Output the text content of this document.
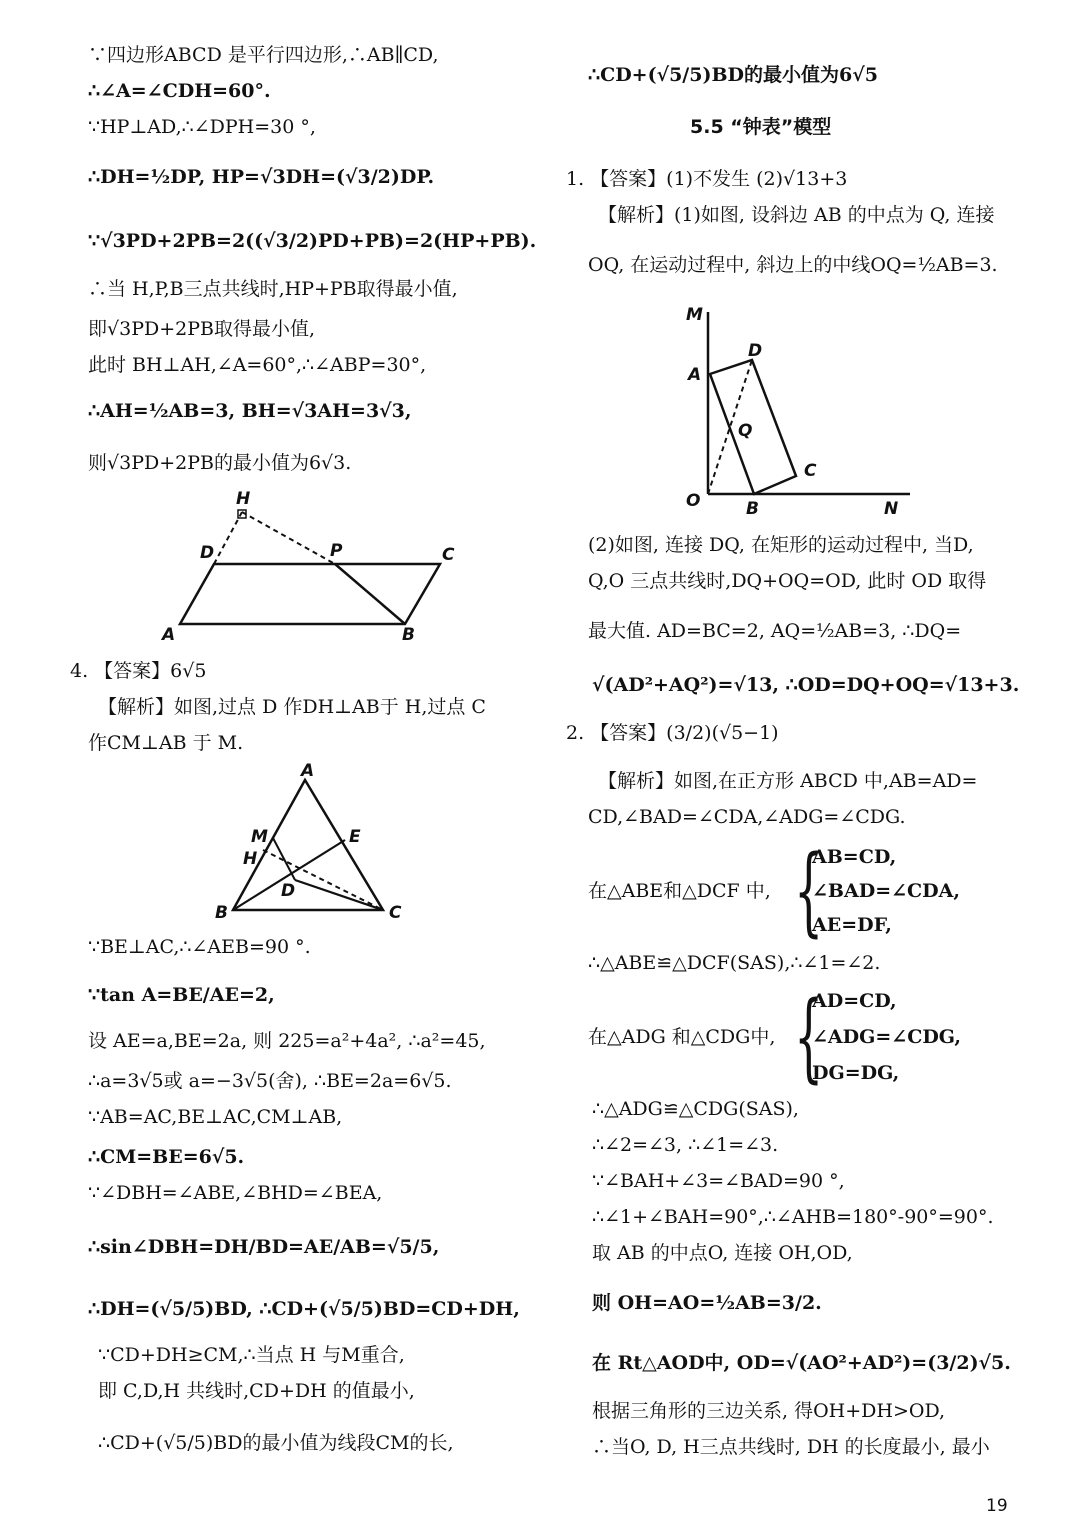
∵四边形ABCD 是平行四边形,∴AB∥CD,
∴∠A=∠CDH=60°.
∵HP⊥AD,∴∠DPH=30 °,
∴DH=½DP, HP=√3DH=(√3/2)DP.
∵√3PD+2PB=2((√3/2)PD+PB)=2(HP+PB).
∴当 H,P,B三点共线时,HP+PB取得最小值,
即√3PD+2PB取得最小值,
此时 BH⊥AH,∠A=60°,∴∠ABP=30°,
∴AH=½AB=3, BH=√3AH=3√3,
则√3PD+2PB的最小值为6√3.
H
D	P	C
A	B
4. 【答案】6√5
【解析】如图,过点 D 作DH⊥AB于 H,过点 C
作CM⊥AB 于 M.
A
M	E
H
D
B	C
∵BE⊥AC,∴∠AEB=90 °.
∵tan A=BE/AE=2,
设 AE=a,BE=2a, 则 225=a²+4a², ∴a²=45,
∴a=3√5或 a=−3√5(舍), ∴BE=2a=6√5.
∵AB=AC,BE⊥AC,CM⊥AB,
∴CM=BE=6√5.
∵∠DBH=∠ABE,∠BHD=∠BEA,
∴sin∠DBH=DH/BD=AE/AB=√5/5,
∴DH=(√5/5)BD, ∴CD+(√5/5)BD=CD+DH,
∵CD+DH≥CM,∴当点 H 与M重合,
即 C,D,H 共线时,CD+DH 的值最小,
∴CD+(√5/5)BD的最小值为线段CM的长,
∴CD+(√5/5)BD的最小值为6√5
5.5 “钟表”模型
1. 【答案】(1)不发生 (2)√13+3
【解析】(1)如图, 设斜边 AB 的中点为 Q, 连接
OQ, 在运动过程中, 斜边上的中线OQ=½AB=3.
M
D
A
Q
C
O	B	N
(2)如图, 连接 DQ, 在矩形的运动过程中, 当D,
Q,O 三点共线时,DQ+OQ=OD, 此时 OD 取得
最大值. AD=BC=2, AQ=½AB=3, ∴DQ=
√(AD²+AQ²)=√13, ∴OD=DQ+OQ=√13+3.
2. 【答案】(3/2)(√5−1)
【解析】如图,在正方形 ABCD 中,AB=AD=
CD,∠BAD=∠CDA,∠ADG=∠CDG.
在△ABE和△DCF 中, {
AB=CD,
∠BAD=∠CDA,
AE=DF,
∴△ABE≌△DCF(SAS),∴∠1=∠2.
在△ADG 和△CDG中, {
AD=CD,
∠ADG=∠CDG,
DG=DG,
∴△ADG≌△CDG(SAS),
∴∠2=∠3, ∴∠1=∠3.
∵∠BAH+∠3=∠BAD=90 °,
∴∠1+∠BAH=90°,∴∠AHB=180°-90°=90°.
取 AB 的中点O, 连接 OH,OD,
则 OH=AO=½AB=3/2.
在 Rt△AOD中, OD=√(AO²+AD²)=(3/2)√5.
根据三角形的三边关系, 得OH+DH>OD,
∴当O, D, H三点共线时, DH 的长度最小, 最小
19
